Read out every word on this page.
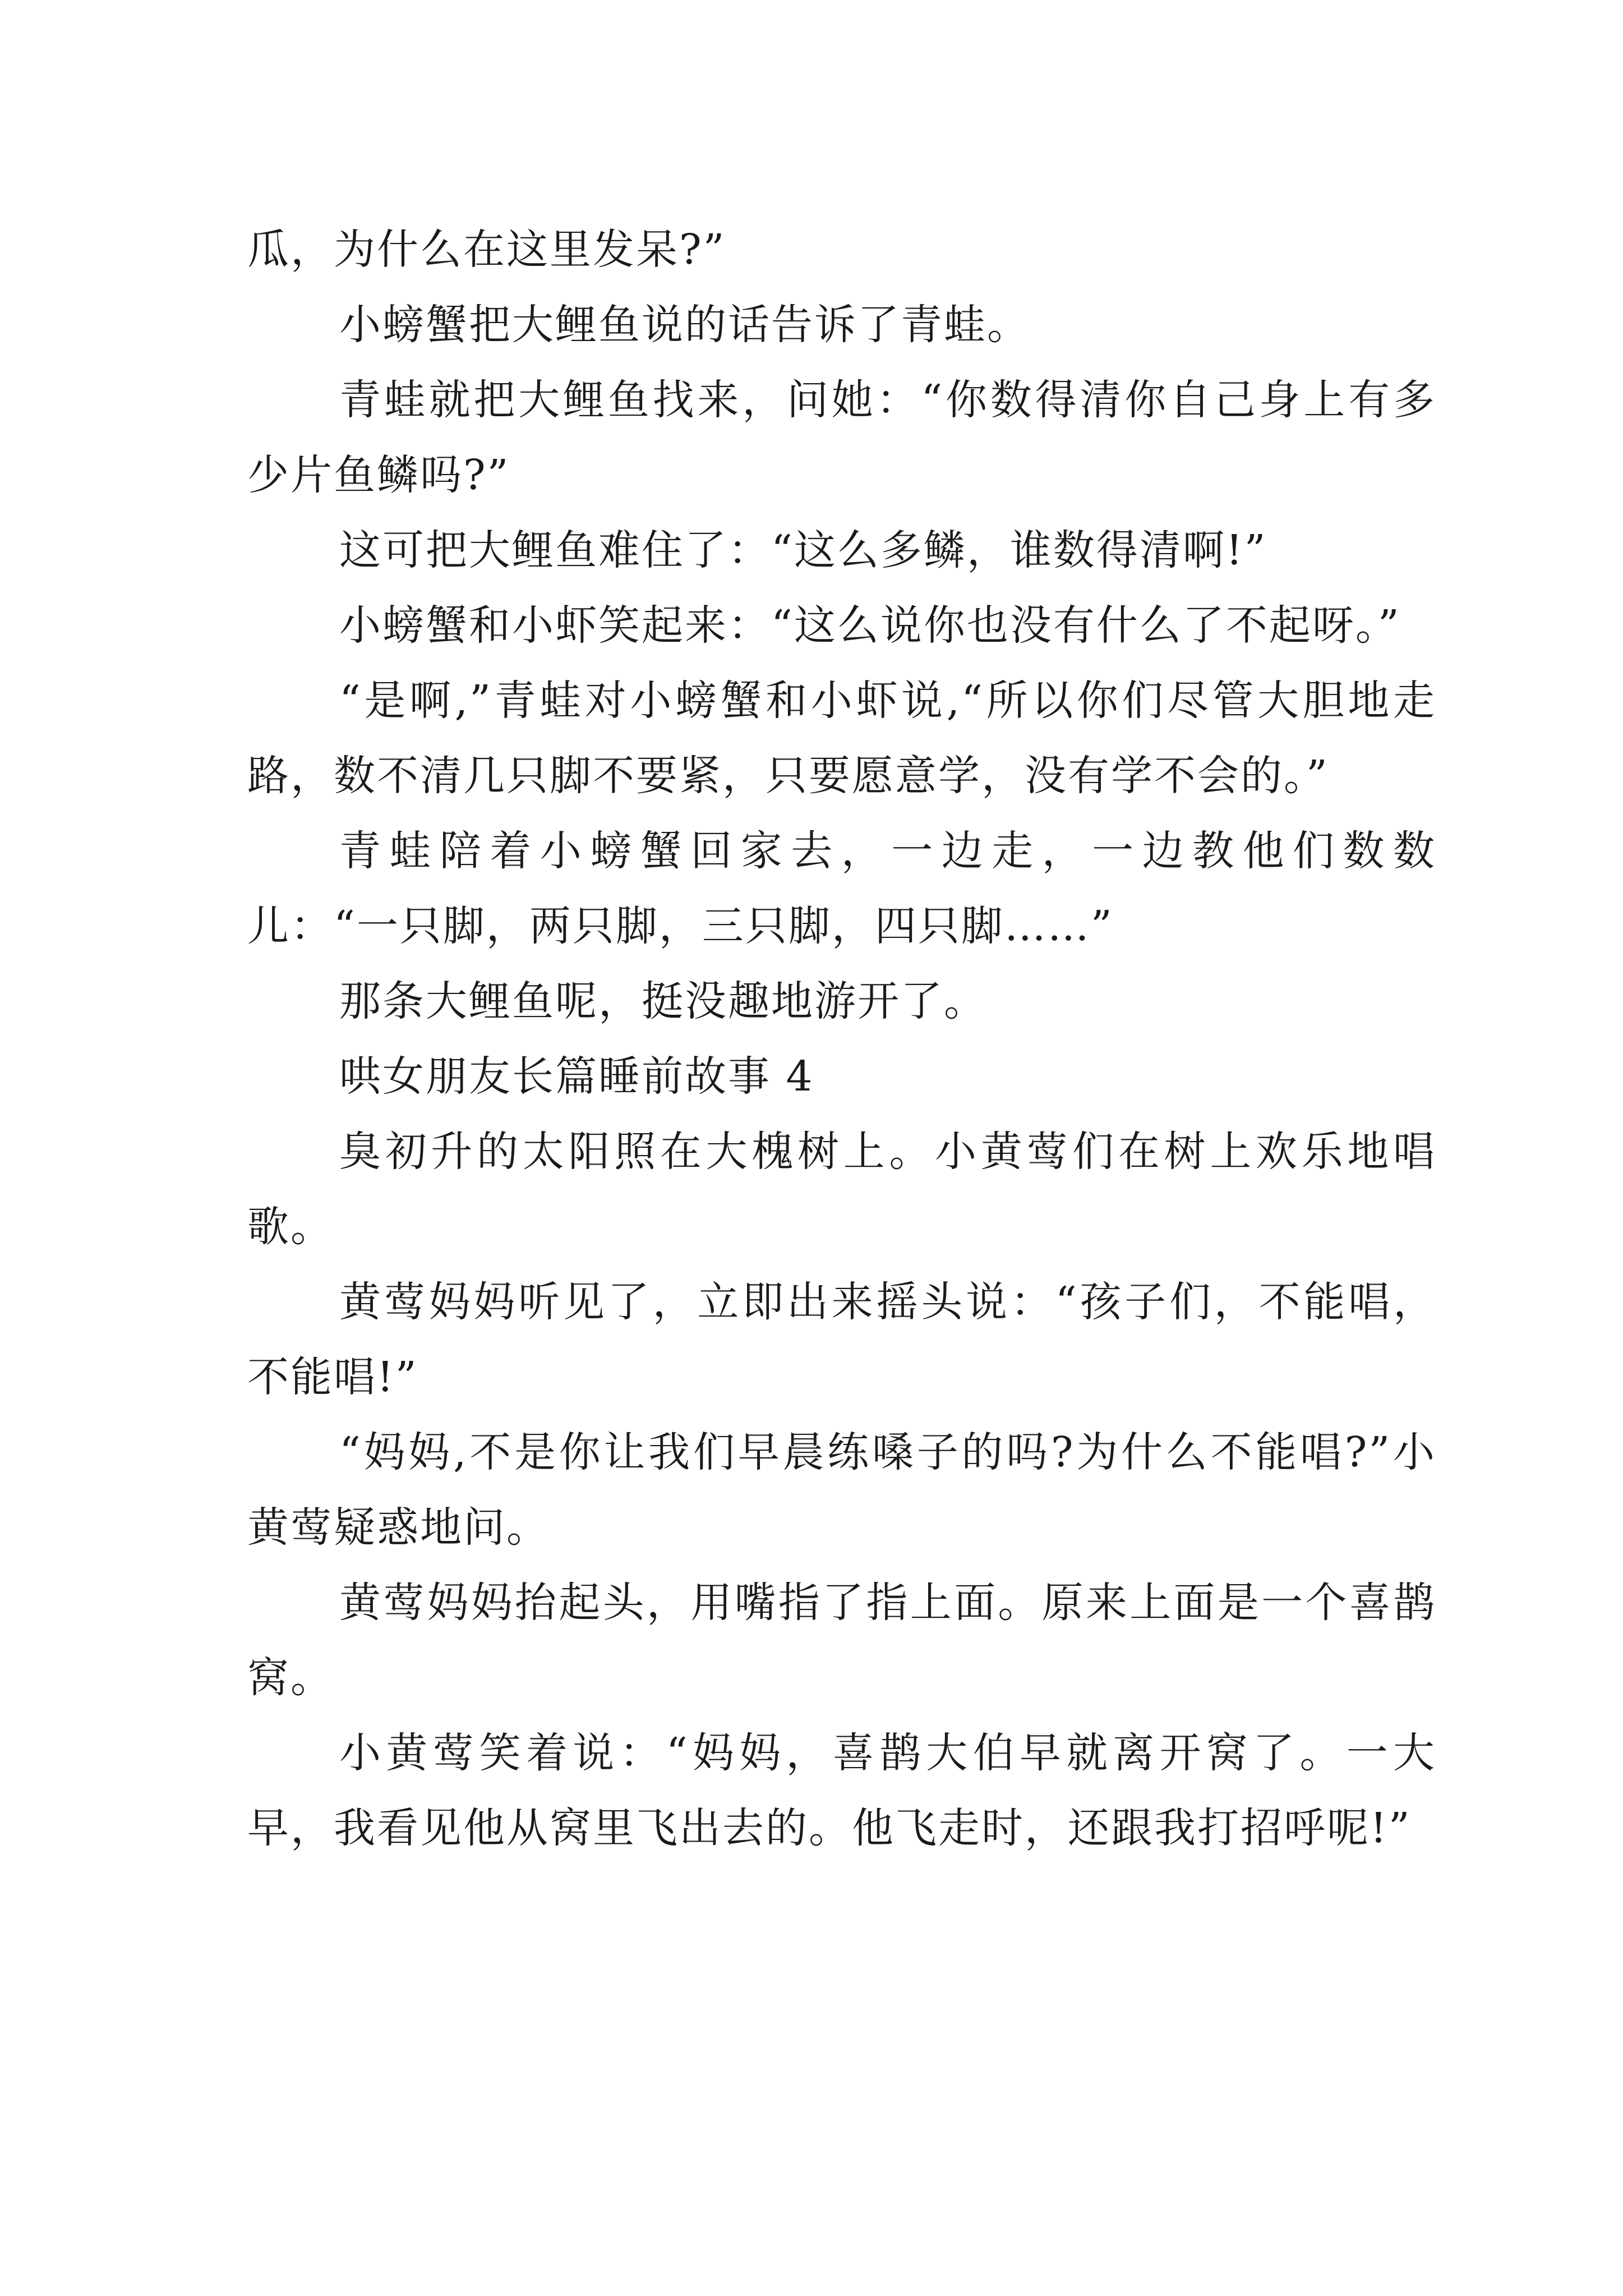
瓜，为什么在这里发呆?”

小螃蟹把大鲤鱼说的话告诉了青蛙。

青蛙就把大鲤鱼找来，问她：“你数得清你自己身上有多少片鱼鳞吗?”

这可把大鲤鱼难住了：“这么多鳞，谁数得清啊!”

小螃蟹和小虾笑起来：“这么说你也没有什么了不起呀。”

“是啊,”青蛙对小螃蟹和小虾说,“所以你们尽管大胆地走路，数不清几只脚不要紧，只要愿意学，没有学不会的。”

青蛙陪着小螃蟹回家去，一边走，一边教他们数数儿：“一只脚，两只脚，三只脚，四只脚……”

那条大鲤鱼呢，挺没趣地游开了。

哄女朋友长篇睡前故事 4

臭初升的太阳照在大槐树上。小黄莺们在树上欢乐地唱歌。

黄莺妈妈听见了，立即出来摇头说：“孩子们，不能唱，不能唱!”

“妈妈,不是你让我们早晨练嗓子的吗?为什么不能唱?”小黄莺疑惑地问。

黄莺妈妈抬起头，用嘴指了指上面。原来上面是一个喜鹊窝。

小黄莺笑着说：“妈妈，喜鹊大伯早就离开窝了。一大早，我看见他从窝里飞出去的。他飞走时，还跟我打招呼呢!”
